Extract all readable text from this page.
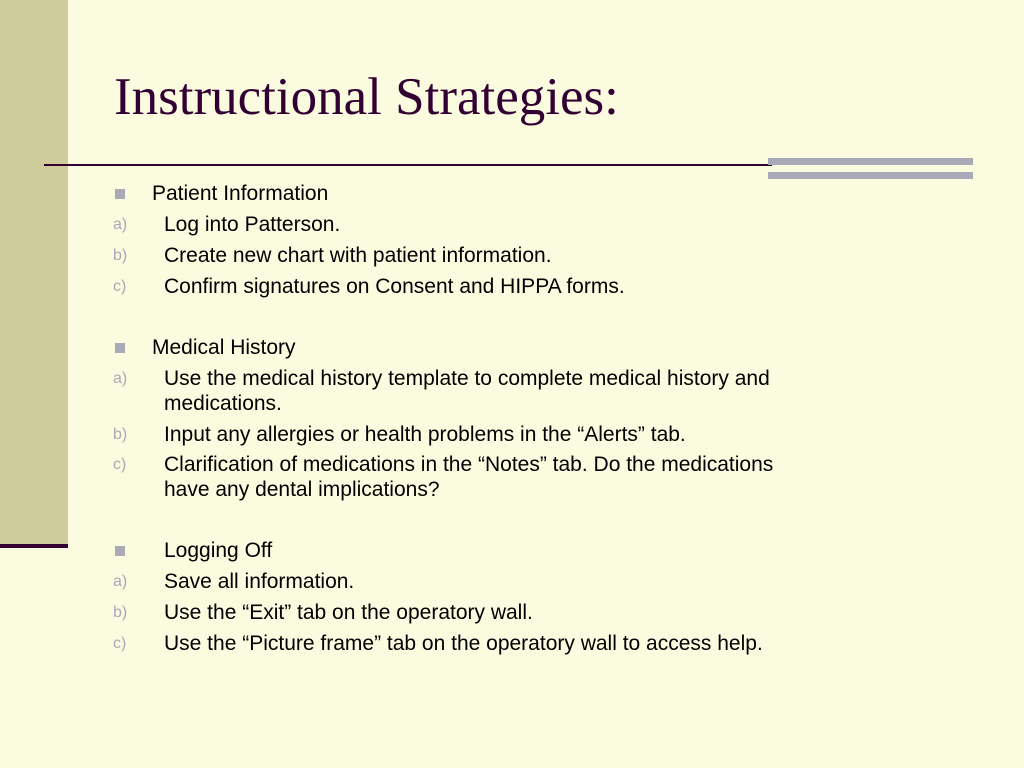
Instructional Strategies:
Patient Information
a) Log into Patterson.
b) Create new chart with patient information.
c) Confirm signatures on Consent and HIPPA forms.
Medical History
a) Use the medical history template to complete medical history and
medications.
b) Input any allergies or health problems in the “Alerts” tab.
c) Clarification of medications in the “Notes” tab. Do the medications
have any dental implications?
Logging Off
a) Save all information.
b) Use the “Exit” tab on the operatory wall.
c) Use the “Picture frame” tab on the operatory wall to access help.
